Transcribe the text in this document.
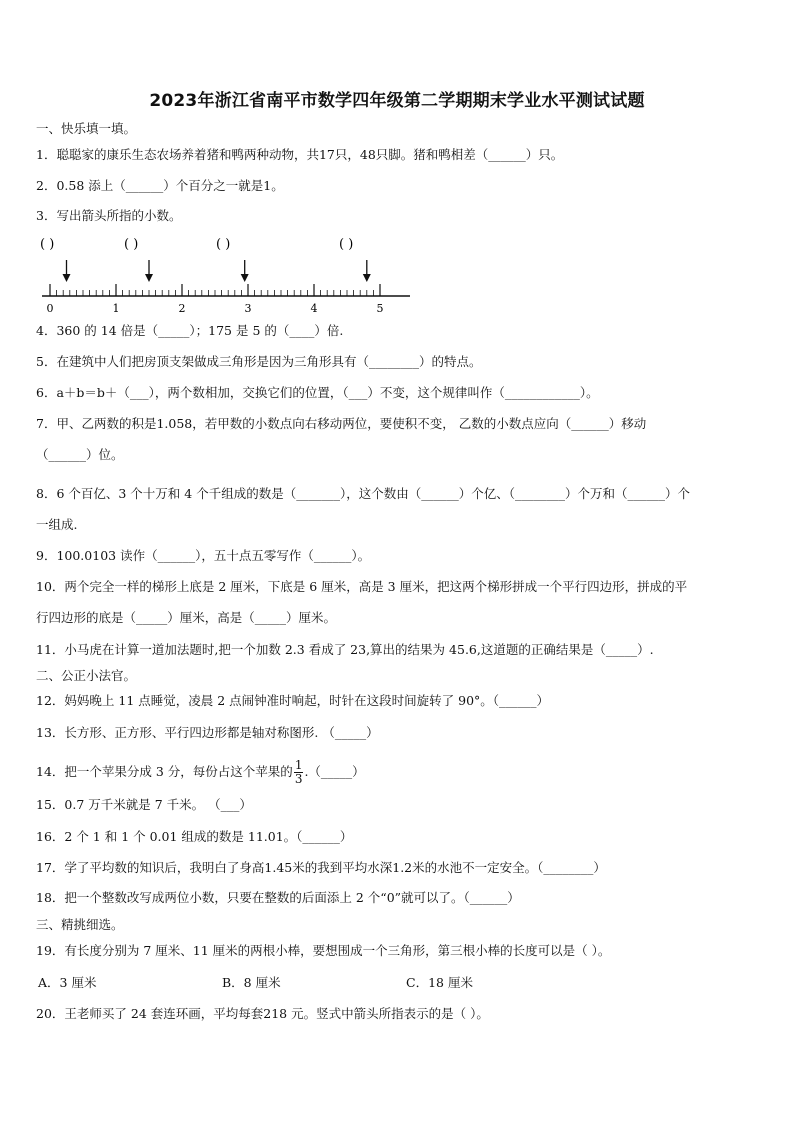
2023年浙江省南平市数学四年级第二学期期末学业水平测试试题
一、快乐填一填。
1．聪聪家的康乐生态农场养着猪和鸭两种动物，共17只，48只脚。猪和鸭相差（______）只。
2．0.58 添上（______）个百分之一就是1。
3．写出箭头所指的小数。
( )	( )	( )	( )
0	1	2	3	4	5
4．360 的 14 倍是（_____）；175 是 5 的（____）倍.
5．在建筑中人们把房顶支架做成三角形是因为三角形具有（________）的特点。
6．a＋b＝b＋（___），两个数相加，交换它们的位置，（___）不变，这个规律叫作（____________）。
7．甲、乙两数的积是1.058，若甲数的小数点向右移动两位，要使积不变， 乙数的小数点应向（______）移动
（______）位。
8．6 个百亿、3 个十万和 4 个千组成的数是（_______），这个数由（______）个亿、（________）个万和（______）个
一组成.
9．100.0103 读作（______），五十点五零写作（______）。
10．两个完全一样的梯形上底是 2 厘米，下底是 6 厘米，高是 3 厘米，把这两个梯形拼成一个平行四边形，拼成的平
行四边形的底是（_____）厘米，高是（_____）厘米。
11．小马虎在计算一道加法题时,把一个加数 2.3 看成了 23,算出的结果为 45.6,这道题的正确结果是（_____）.
二、公正小法官。
12．妈妈晚上 11 点睡觉，凌晨 2 点闹钟准时响起，时针在这段时间旋转了 90°。（______）
13．长方形、正方形、平行四边形都是轴对称图形. （_____）
14．把一个苹果分成 3 分，每份占这个苹果的 $\frac{1}{3}$ .（_____）
15．0.7 万千米就是 7 千米。 （___）
16．2 个 1 和 1 个 0.01 组成的数是 11.01。（______）
17．学了平均数的知识后，我明白了身高1.45米的我到平均水深1.2米的水池不一定安全。（________）
18．把一个整数改写成两位小数，只要在整数的后面添上 2 个“0”就可以了。（______）
三、精挑细选。
19．有长度分别为 7 厘米、11 厘米的两根小棒，要想围成一个三角形，第三根小棒的长度可以是（ ）。
A．3 厘米	B．8 厘米	C．18 厘米
20．王老师买了 24 套连环画，平均每套218 元。竖式中箭头所指表示的是（ ）。
